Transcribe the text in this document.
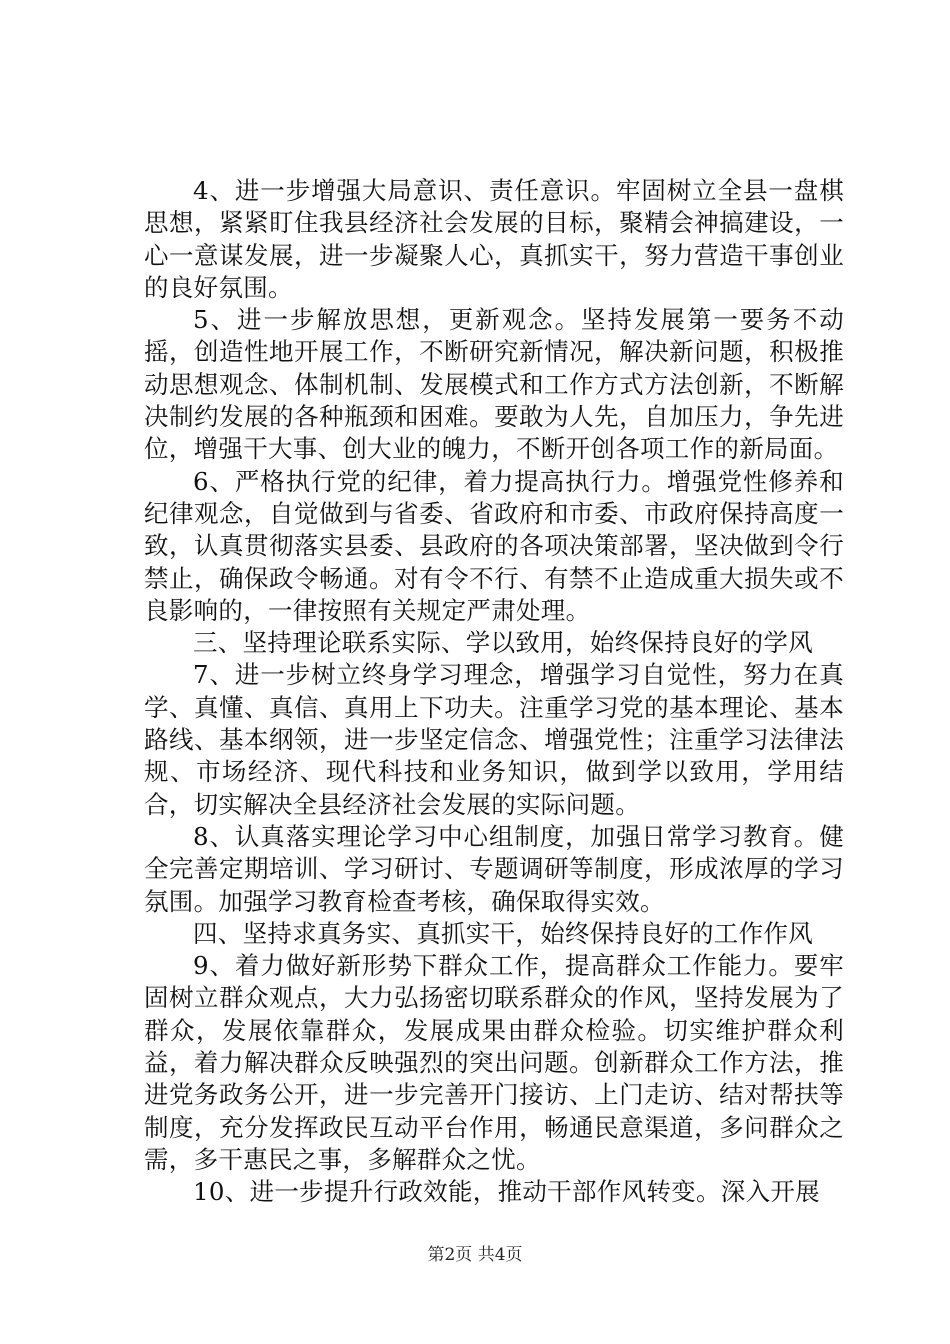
4、进一步增强大局意识、责任意识。牢固树立全县一盘棋思想，紧紧盯住我县经济社会发展的目标，聚精会神搞建设，一心一意谋发展，进一步凝聚人心，真抓实干，努力营造干事创业的良好氛围。

5、进一步解放思想，更新观念。坚持发展第一要务不动摇，创造性地开展工作，不断研究新情况，解决新问题，积极推动思想观念、体制机制、发展模式和工作方式方法创新，不断解决制约发展的各种瓶颈和困难。要敢为人先，自加压力，争先进位，增强干大事、创大业的魄力，不断开创各项工作的新局面。

6、严格执行党的纪律，着力提高执行力。增强党性修养和纪律观念，自觉做到与省委、省政府和市委、市政府保持高度一致，认真贯彻落实县委、县政府的各项决策部署，坚决做到令行禁止，确保政令畅通。对有令不行、有禁不止造成重大损失或不良影响的，一律按照有关规定严肃处理。

三、坚持理论联系实际、学以致用，始终保持良好的学风

7、进一步树立终身学习理念，增强学习自觉性，努力在真学、真懂、真信、真用上下功夫。注重学习党的基本理论、基本路线、基本纲领，进一步坚定信念、增强党性；注重学习法律法规、市场经济、现代科技和业务知识，做到学以致用，学用结合，切实解决全县经济社会发展的实际问题。

8、认真落实理论学习中心组制度，加强日常学习教育。健全完善定期培训、学习研讨、专题调研等制度，形成浓厚的学习氛围。加强学习教育检查考核，确保取得实效。

四、坚持求真务实、真抓实干，始终保持良好的工作作风

9、着力做好新形势下群众工作，提高群众工作能力。要牢固树立群众观点，大力弘扬密切联系群众的作风，坚持发展为了群众，发展依靠群众，发展成果由群众检验。切实维护群众利益，着力解决群众反映强烈的突出问题。创新群众工作方法，推进党务政务公开，进一步完善开门接访、上门走访、结对帮扶等制度，充分发挥政民互动平台作用，畅通民意渠道，多问群众之需，多干惠民之事，多解群众之忧。

10、进一步提升行政效能，推动干部作风转变。深入开展

第2页 共4页
